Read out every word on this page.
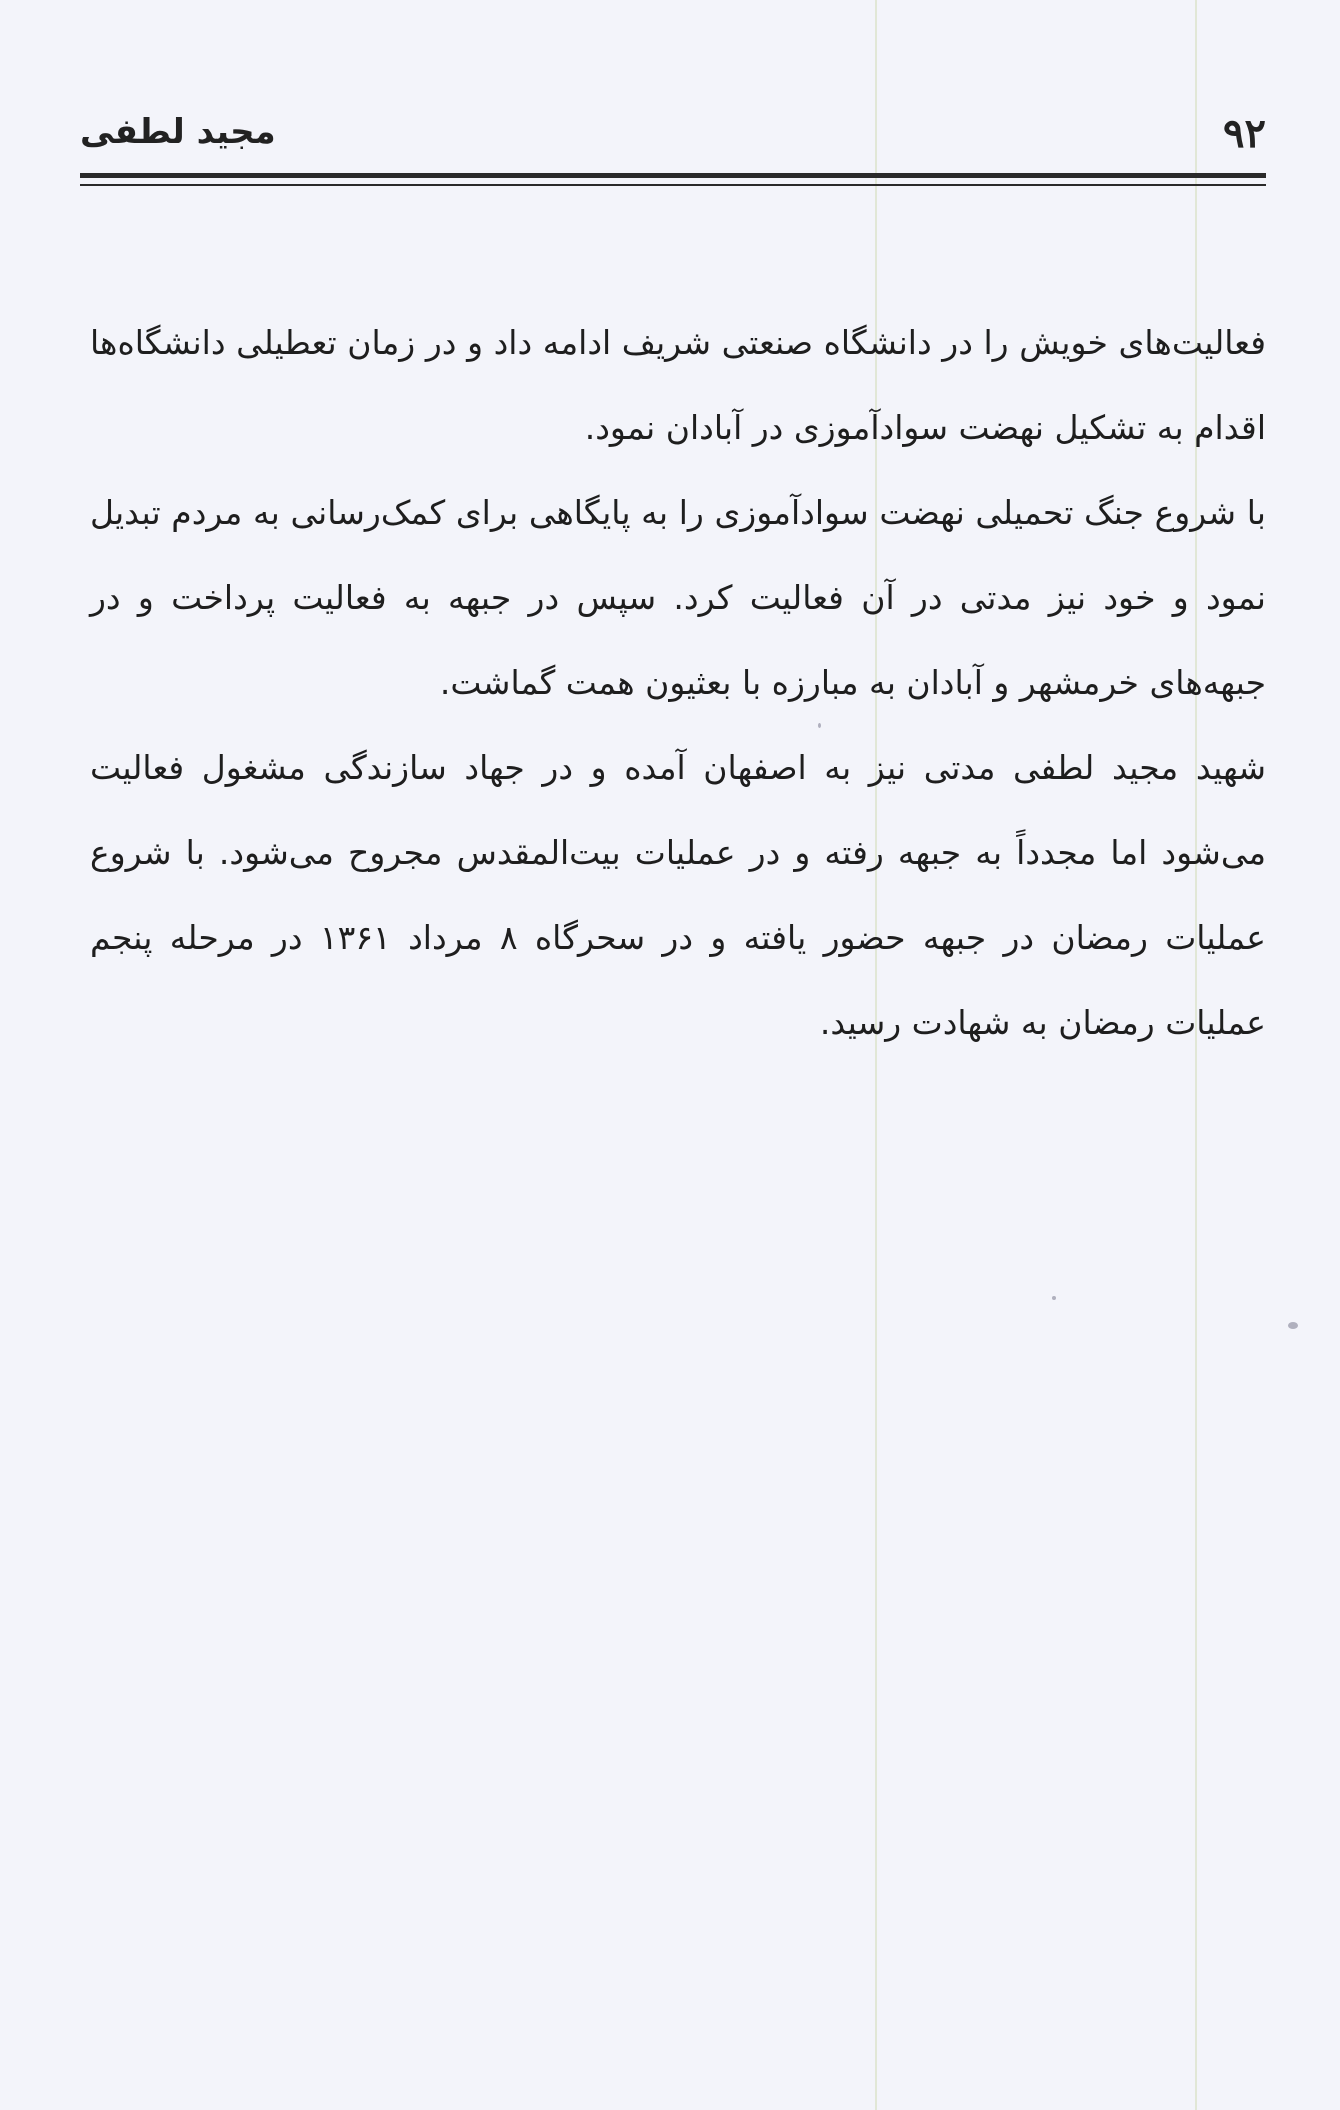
۹۲
مجید لطفی

فعالیت‌های خویش را در دانشگاه صنعتی شریف ادامه داد و در زمان تعطیلی دانشگاه‌ها اقدام به تشکیل نهضت سوادآموزی در آبادان نمود.

با شروع جنگ تحمیلی نهضت سوادآموزی را به پایگاهی برای کمک‌رسانی به مردم تبدیل نمود و خود نیز مدتی در آن فعالیت کرد. سپس در جبهه به فعالیت پرداخت و در جبهه‌های خرمشهر و آبادان به مبارزه با بعثیون همت گماشت.

شهید مجید لطفی مدتی نیز به اصفهان آمده و در جهاد سازندگی مشغول فعالیت می‌شود اما مجدداً به جبهه رفته و در عملیات بیت‌المقدس مجروح می‌شود. با شروع عملیات رمضان در جبهه حضور یافته و در سحرگاه ۸ مرداد ۱۳۶۱ در مرحله پنجم عملیات رمضان به شهادت رسید.
